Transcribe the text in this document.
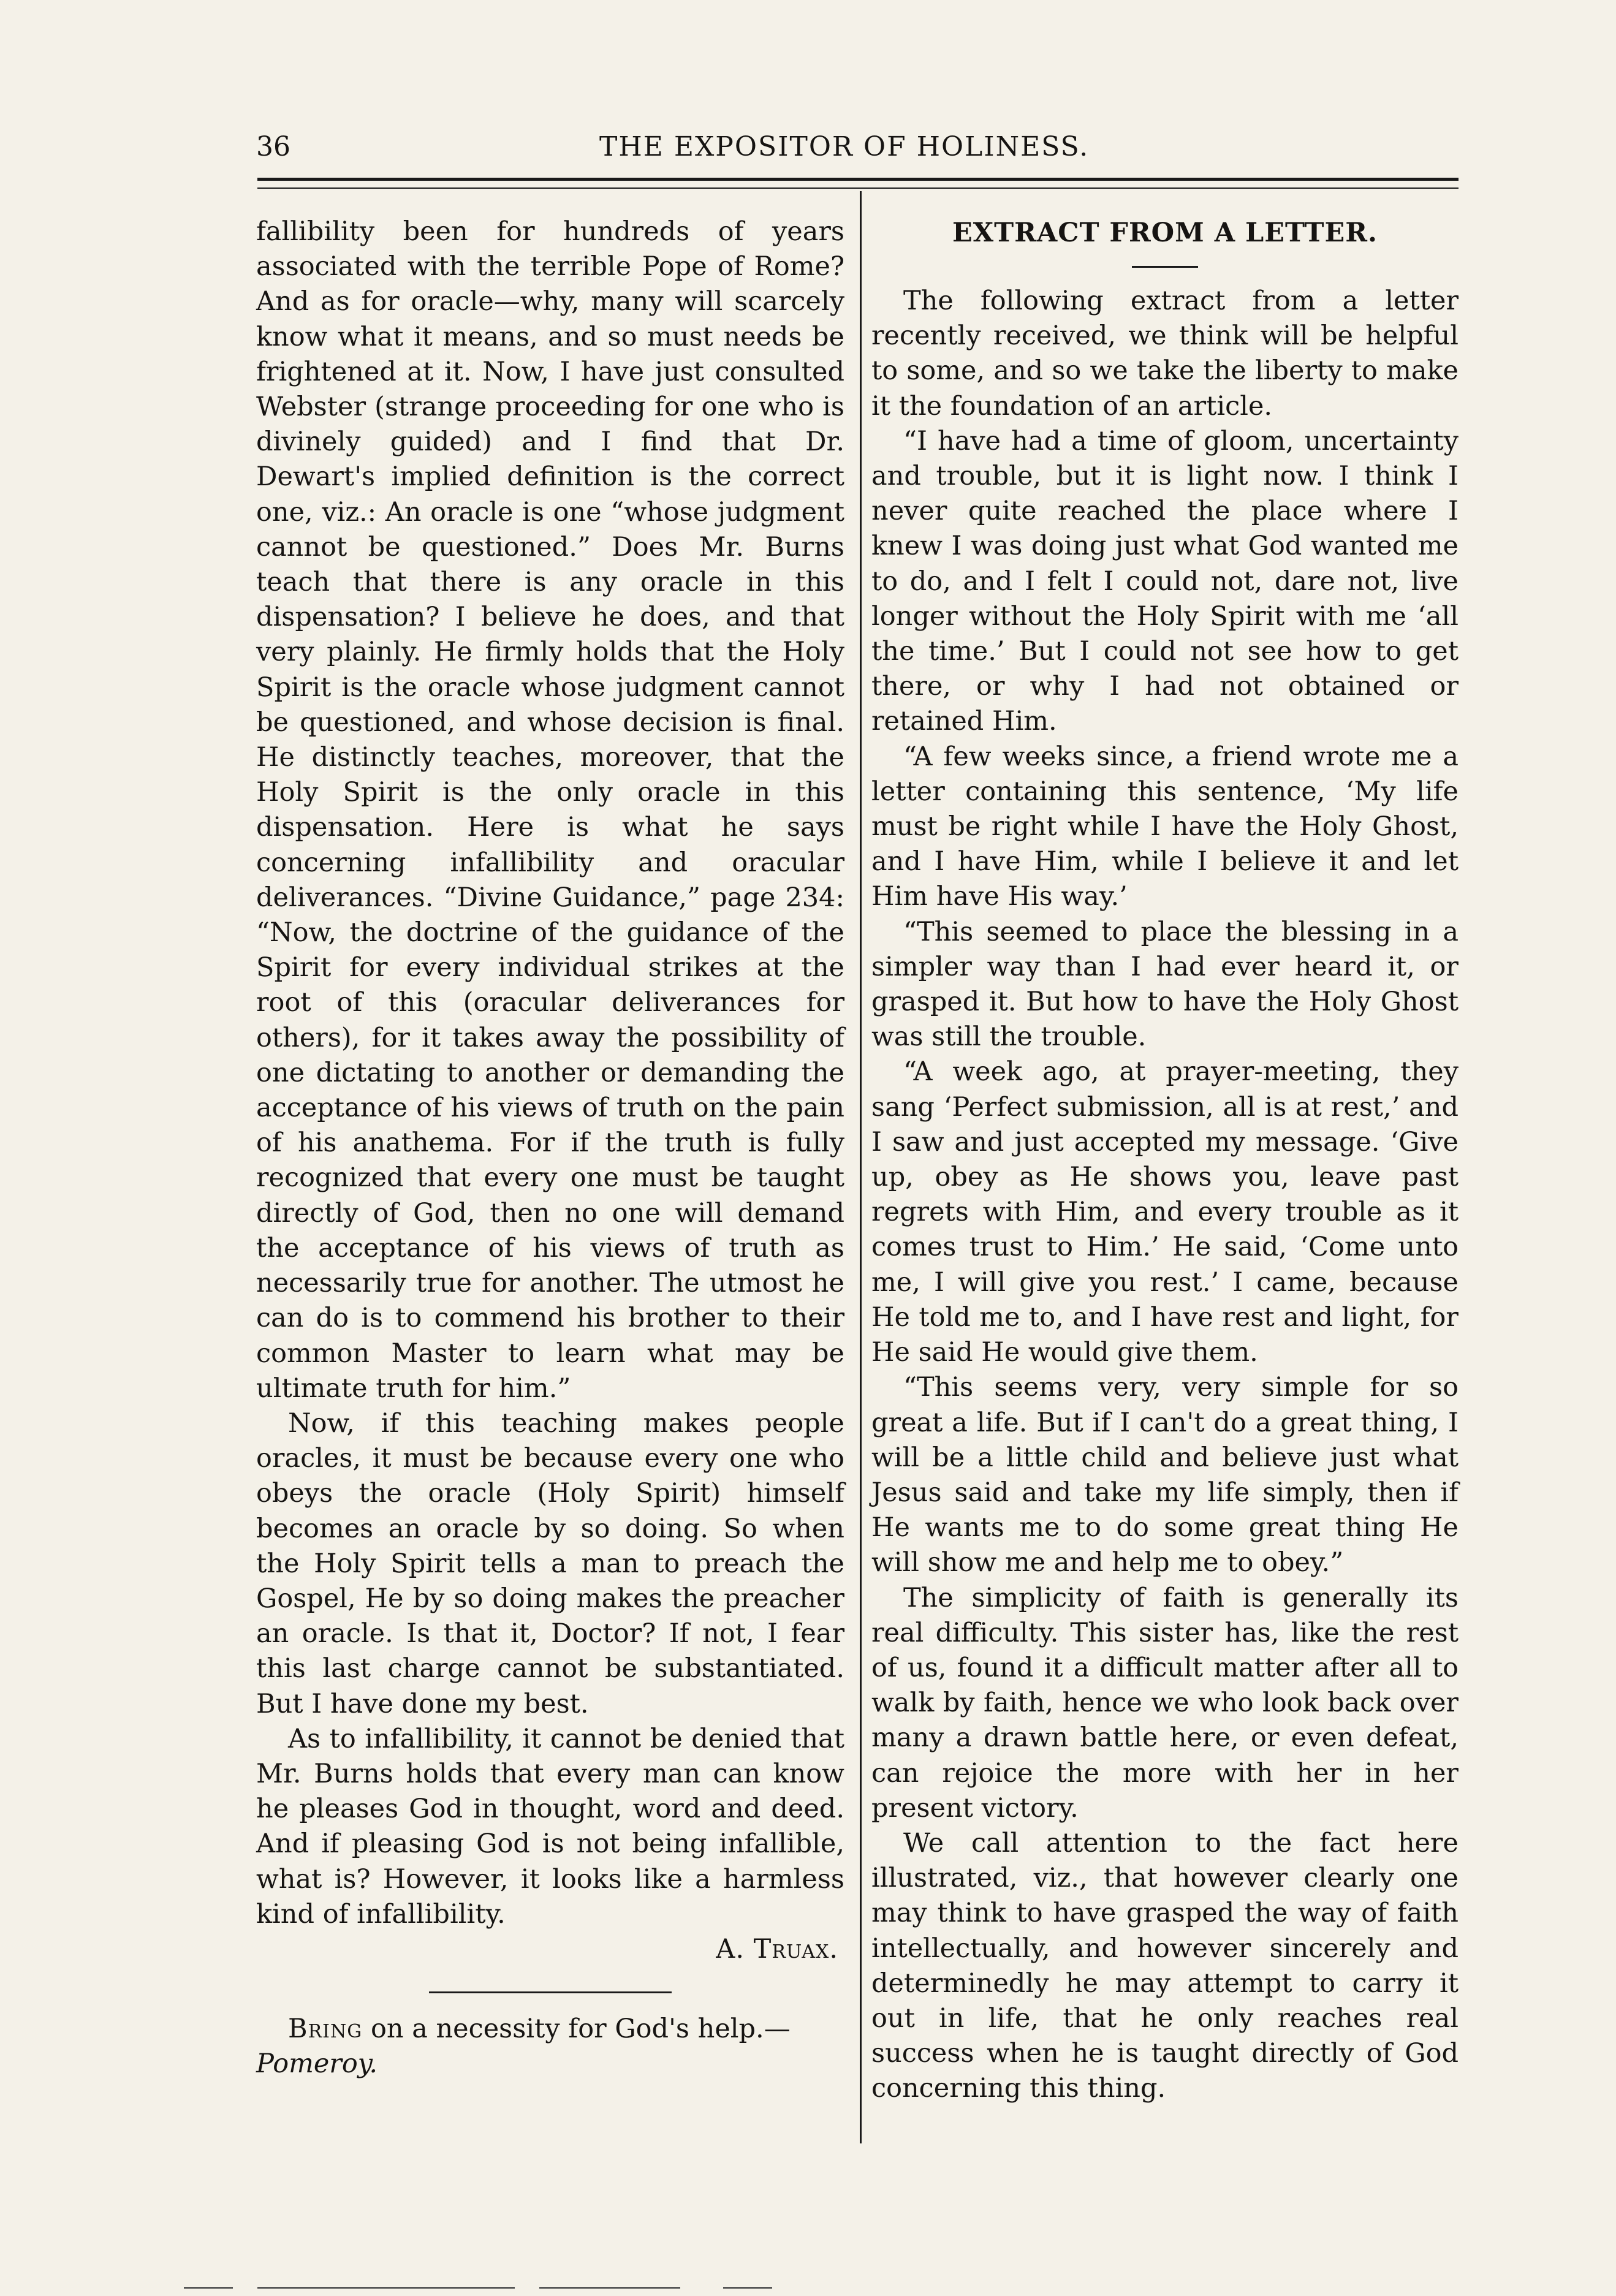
36	THE EXPOSITOR OF HOLINESS.

fallibility been for hundreds of years associated with the terrible Pope of Rome? And as for oracle—why, many will scarcely know what it means, and so must needs be frightened at it. Now, I have just consulted Webster (strange proceeding for one who is divinely guided) and I find that Dr. Dewart's implied definition is the correct one, viz.: An oracle is one “whose judgment cannot be questioned.” Does Mr. Burns teach that there is any oracle in this dispensation? I believe he does, and that very plainly. He firmly holds that the Holy Spirit is the oracle whose judgment cannot be questioned, and whose decision is final. He distinctly teaches, moreover, that the Holy Spirit is the only oracle in this dispensation. Here is what he says concerning infallibility and oracular deliverances. “Divine Guidance,” page 234: “Now, the doctrine of the guidance of the Spirit for every individual strikes at the root of this (oracular deliverances for others), for it takes away the possibility of one dictating to another or demanding the acceptance of his views of truth on the pain of his anathema. For if the truth is fully recognized that every one must be taught directly of God, then no one will demand the acceptance of his views of truth as necessarily true for another. The utmost he can do is to commend his brother to their common Master to learn what may be ultimate truth for him.”

Now, if this teaching makes people oracles, it must be because every one who obeys the oracle (Holy Spirit) himself becomes an oracle by so doing. So when the Holy Spirit tells a man to preach the Gospel, He by so doing makes the preacher an oracle. Is that it, Doctor? If not, I fear this last charge cannot be substantiated. But I have done my best.

As to infallibility, it cannot be denied that Mr. Burns holds that every man can know he pleases God in thought, word and deed. And if pleasing God is not being infallible, what is? However, it looks like a harmless kind of infallibility.

A. Truax.

Bring on a necessity for God's help.—
Pomeroy.

EXTRACT FROM A LETTER.

The following extract from a letter recently received, we think will be helpful to some, and so we take the liberty to make it the foundation of an article.

“I have had a time of gloom, uncertainty and trouble, but it is light now. I think I never quite reached the place where I knew I was doing just what God wanted me to do, and I felt I could not, dare not, live longer without the Holy Spirit with me ‘all the time.’ But I could not see how to get there, or why I had not obtained or retained Him.

“A few weeks since, a friend wrote me a letter containing this sentence, ‘My life must be right while I have the Holy Ghost, and I have Him, while I believe it and let Him have His way.’

“This seemed to place the blessing in a simpler way than I had ever heard it, or grasped it. But how to have the Holy Ghost was still the trouble.

“A week ago, at prayer-meeting, they sang ‘Perfect submission, all is at rest,’ and I saw and just accepted my message. ‘Give up, obey as He shows you, leave past regrets with Him, and every trouble as it comes trust to Him.’ He said, ‘Come unto me, I will give you rest.’ I came, because He told me to, and I have rest and light, for He said He would give them.

“This seems very, very simple for so great a life. But if I can't do a great thing, I will be a little child and believe just what Jesus said and take my life simply, then if He wants me to do some great thing He will show me and help me to obey.”

The simplicity of faith is generally its real difficulty. This sister has, like the rest of us, found it a difficult matter after all to walk by faith, hence we who look back over many a drawn battle here, or even defeat, can rejoice the more with her in her present victory.

We call attention to the fact here illustrated, viz., that however clearly one may think to have grasped the way of faith intellectually, and however sincerely and determinedly he may attempt to carry it out in life, that he only reaches real success when he is taught directly of God concerning this thing.
